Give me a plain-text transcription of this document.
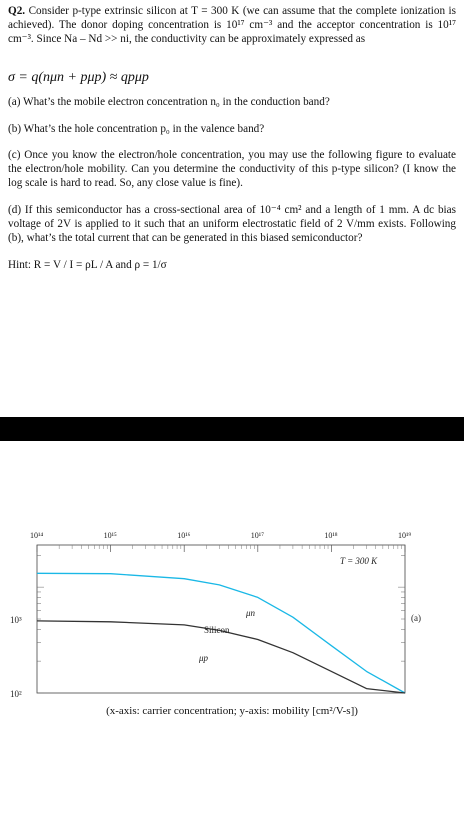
Q2. Consider p-type extrinsic silicon at T = 300 K (we can assume that the complete ionization is achieved). The donor doping concentration is 10¹⁷ cm⁻³ and the acceptor concentration is 10¹⁷ cm⁻³. Since Na – Nd >> ni, the conductivity can be approximately expressed as
σ = q(nμn + pμp) ≈ qpμp
(a) What’s the mobile electron concentration n₀ in the conduction band?
(b) What’s the hole concentration p₀ in the valence band?
(c) Once you know the electron/hole concentration, you may use the following figure to evaluate the electron/hole mobility. Can you determine the conductivity of this p-type silicon? (I know the log scale is hard to read. So, any close value is fine).
(d) If this semiconductor has a cross-sectional area of 10⁻⁴ cm² and a length of 1 mm. A dc bias voltage of 2V is applied to it such that an uniform electrostatic field of 2 V/mm exists. Following (b), what’s the total current that can be generated in this biased semiconductor?
Hint: R = V / I = ρL / A and ρ = 1/σ
10¹⁴	10¹⁵	10¹⁶	10¹⁷	10¹⁸	10¹⁹
T = 300 K
Silicon
μn
μp
(a)
10³
10²
(x-axis: carrier concentration; y-axis: mobility [cm²/V-s])
